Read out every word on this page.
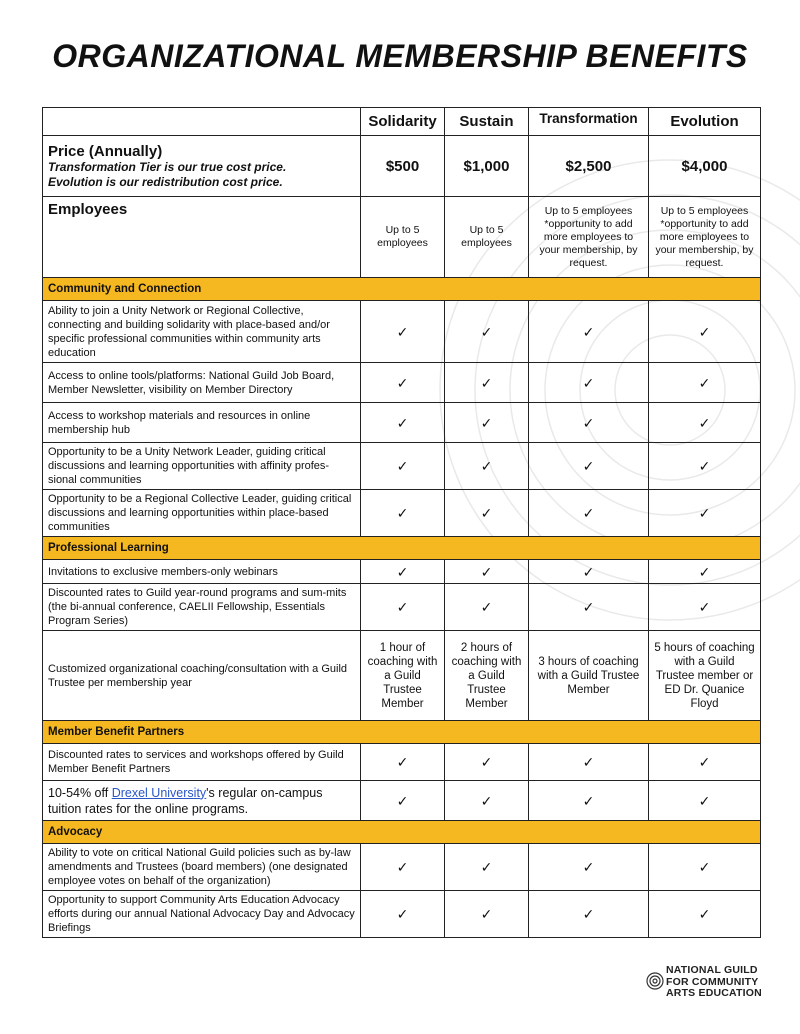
ORGANIZATIONAL MEMBERSHIP BENEFITS
	Solidarity	Sustain	Transformation	Evolution

Price (Annually)
Transformation Tier is our true cost price.
Evolution is our redistribution cost price.	$500	$1,000	$2,500	$4,000
Employees	Up to 5 employees	Up to 5 employees	Up to 5 employees *opportunity to add more employees to your membership, by request.	Up to 5 employees *opportunity to add more employees to your membership, by request.
Community and Connection				
Ability to join a Unity Network or Regional Collective, connecting and building solidarity with place-based and/or specific professional communities within community arts education	✓	✓	✓	✓
Access to online tools/platforms: National Guild Job Board, Member Newsletter, visibility on Member Directory	✓	✓	✓	✓
Access to workshop materials and resources in online membership hub	✓	✓	✓	✓
Opportunity to be a Unity Network Leader, guiding critical discussions and learning opportunities with affinity profes-sional communities	✓	✓	✓	✓
Opportunity to be a Regional Collective Leader, guiding critical discussions and learning opportunities within place-based communities	✓	✓	✓	✓
Professional Learning				
Invitations to exclusive members-only webinars	✓	✓	✓	✓
Discounted rates to Guild year-round programs and sum-mits (the bi-annual conference, CAELII Fellowship, Essentials Program Series)	✓	✓	✓	✓
Customized organizational coaching/consultation with a Guild Trustee per membership year	1 hour of coaching with a Guild Trustee Member	2 hours of coaching with a Guild Trustee Member	3 hours of coaching with a Guild Trustee Member	5 hours of coaching with a Guild Trustee member or ED Dr. Quanice Floyd
Member Benefit Partners				
Discounted rates to services and workshops offered by Guild Member Benefit Partners	✓	✓	✓	✓
10-54% off Drexel University's regular on-campus tuition rates for the online programs.	✓	✓	✓	✓
Advocacy				
Ability to vote on critical National Guild policies such as by-law amendments and Trustees (board members) (one designated employee votes on behalf of the organization)	✓	✓	✓	✓
Opportunity to support Community Arts Education Advocacy efforts during our annual National Advocacy Day and Advocacy Briefings	✓	✓	✓	✓
NATIONAL GUILD
FOR COMMUNITY
ARTS EDUCATION
